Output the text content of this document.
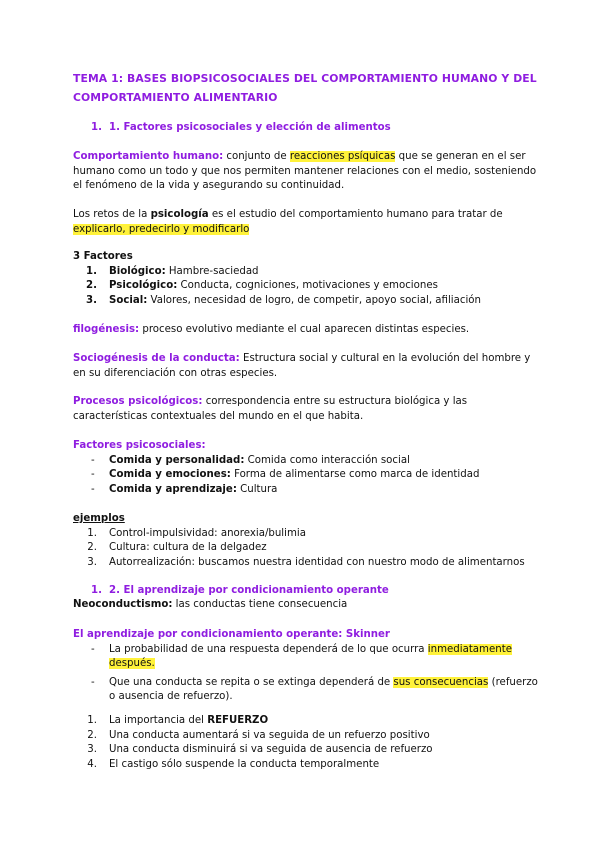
TEMA 1: BASES BIOPSICOSOCIALES DEL COMPORTAMIENTO HUMANO Y DEL COMPORTAMIENTO ALIMENTARIO

1. 1. Factores psicosociales y elección de alimentos

Comportamiento humano: conjunto de reacciones psíquicas que se generan en el ser humano como un todo y que nos permiten mantener relaciones con el medio, sosteniendo el fenómeno de la vida y asegurando su continuidad.

Los retos de la psicología es el estudio del comportamiento humano para tratar de explicarlo, predecirlo y modificarlo

3 Factores

1. Biológico: Hambre-saciedad
2. Psicológico: Conducta, cogniciones, motivaciones y emociones
3. Social: Valores, necesidad de logro, de competir, apoyo social, afiliación

filogénesis: proceso evolutivo mediante el cual aparecen distintas especies.

Sociogénesis de la conducta: Estructura social y cultural en la evolución del hombre y en su diferenciación con otras especies.

Procesos psicológicos: correspondencia entre su estructura biológica y las características contextuales del mundo en el que habita.

Factores psicosociales:

- Comida y personalidad: Comida como interacción social
- Comida y emociones: Forma de alimentarse como marca de identidad
- Comida y aprendizaje: Cultura

ejemplos

1. Control-impulsividad: anorexia/bulimia
2. Cultura: cultura de la delgadez
3. Autorrealización: buscamos nuestra identidad con nuestro modo de alimentarnos

1. 2. El aprendizaje por condicionamiento operante

Neoconductismo: las conductas tiene consecuencia

El aprendizaje por condicionamiento operante: Skinner

- La probabilidad de una respuesta dependerá de lo que ocurra inmediatamente después.
- Que una conducta se repita o se extinga dependerá de sus consecuencias (refuerzo o ausencia de refuerzo).
1. La importancia del REFUERZO
2. Una conducta aumentará si va seguida de un refuerzo positivo
3. Una conducta disminuirá si va seguida de ausencia de refuerzo
4. El castigo sólo suspende la conducta temporalmente
